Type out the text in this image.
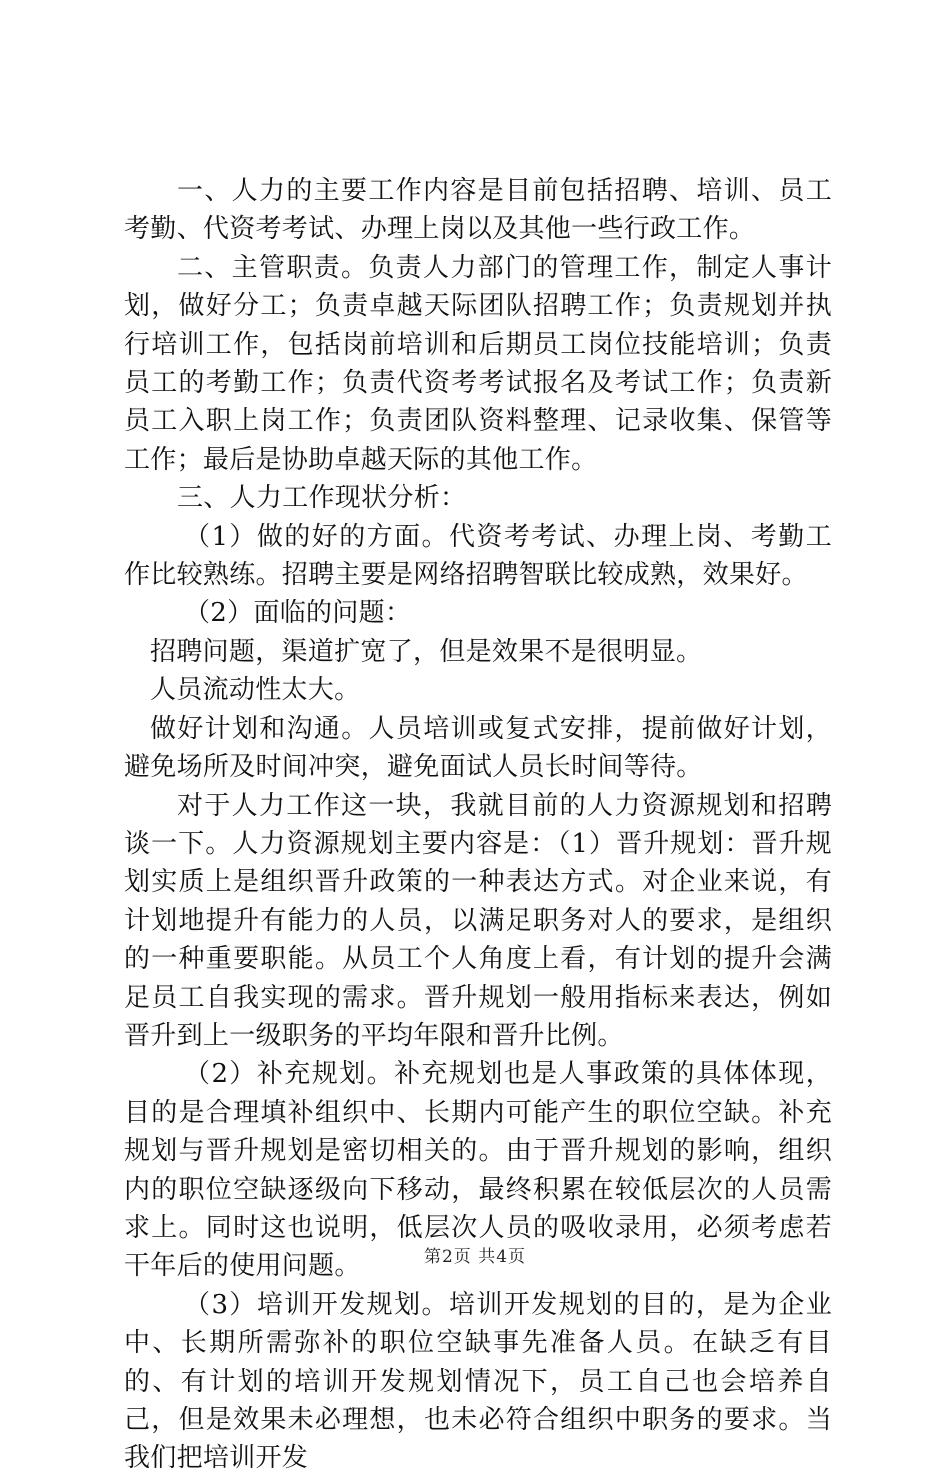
一、人力的主要工作内容是目前包括招聘、培训、员工考勤、代资考考试、办理上岗以及其他一些行政工作。

二、主管职责。负责人力部门的管理工作，制定人事计划，做好分工；负责卓越天际团队招聘工作；负责规划并执行培训工作，包括岗前培训和后期员工岗位技能培训；负责员工的考勤工作；负责代资考考试报名及考试工作；负责新员工入职上岗工作；负责团队资料整理、记录收集、保管等工作；最后是协助卓越天际的其他工作。

三、人力工作现状分析：

（1）做的好的方面。代资考考试、办理上岗、考勤工作比较熟练。招聘主要是网络招聘智联比较成熟，效果好。

（2）面临的问题：

招聘问题，渠道扩宽了，但是效果不是很明显。

人员流动性太大。

做好计划和沟通。人员培训或复式安排，提前做好计划，避免场所及时间冲突，避免面试人员长时间等待。

对于人力工作这一块，我就目前的人力资源规划和招聘谈一下。人力资源规划主要内容是：（1）晋升规划：晋升规划实质上是组织晋升政策的一种表达方式。对企业来说，有计划地提升有能力的人员，以满足职务对人的要求，是组织的一种重要职能。从员工个人角度上看，有计划的提升会满足员工自我实现的需求。晋升规划一般用指标来表达，例如晋升到上一级职务的平均年限和晋升比例。

（2）补充规划。补充规划也是人事政策的具体体现，目的是合理填补组织中、长期内可能产生的职位空缺。补充规划与晋升规划是密切相关的。由于晋升规划的影响，组织内的职位空缺逐级向下移动，最终积累在较低层次的人员需求上。同时这也说明，低层次人员的吸收录用，必须考虑若干年后的使用问题。

（3）培训开发规划。培训开发规划的目的，是为企业中、长期所需弥补的职位空缺事先准备人员。在缺乏有目的、有计划的培训开发规划情况下，员工自己也会培养自己，但是效果未必理想，也未必符合组织中职务的要求。当我们把培训开发

第2页 共4页
